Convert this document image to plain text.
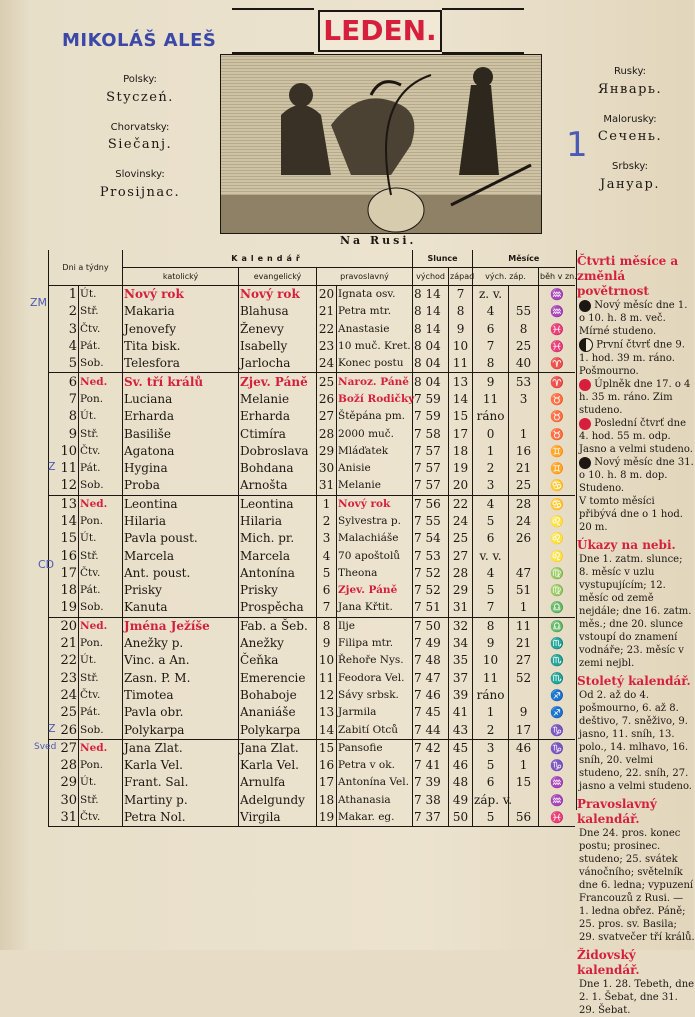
MIKOLÁŠ ALEŠ
Polsky:
Styczeń.
Chorvatsky:
Siečanj.
Slovinsky:
Prosijnac.
Rusky:
Январь.
Malorusky:
Сечень.
Srbsky:
Јануар.
LEDEN.
Na Rusi.
Dni a týdny		Kalendář				Slunce		Měsíce		
		katolický	evangelický	pravoslavný		východ	západ	vých. záp.		běh v zn.
1	Út.	Nový rok	Nový rok	20	Ignata osv.	8 14	7	z. v.		♒
2	Stř.	Makaria	Blahusa	21	Petra mtr.	8 14	8	4	55	♒
3	Čtv.	Jenovefy	Ženevy	22	Anastasie	8 14	9	6	8	♓
4	Pát.	Tita bisk.	Isabelly	23	10 muč. Kret.	8 04	10	7	25	♓
5	Sob.	Telesfora	Jarlocha	24	Konec postu	8 04	11	8	40	♈
6	Ned.	Sv. tří králů	Zjev. Páně	25	Naroz. Páně	8 04	13	9	53	♈
7	Pon.	Luciana	Melanie	26	Boží Rodičky	7 59	14	11	3	♉
8	Út.	Erharda	Erharda	27	Štěpána pm.	7 59	15	ráno		♉
9	Stř.	Basiliše	Ctimíra	28	2000 muč.	7 58	17	0	1	♉
10	Čtv.	Agatona	Dobroslava	29	Mláďatek	7 57	18	1	16	♊
11	Pát.	Hygina	Bohdana	30	Anisie	7 57	19	2	21	♊
12	Sob.	Proba	Arnošta	31	Melanie	7 57	20	3	25	♋
13	Ned.	Leontina	Leontina	1	Nový rok	7 56	22	4	28	♋
14	Pon.	Hilaria	Hilaria	2	Sylvestra p.	7 55	24	5	24	♌
15	Út.	Pavla poust.	Mich. pr.	3	Malachiáše	7 54	25	6	26	♌
16	Stř.	Marcela	Marcela	4	70 apoštolů	7 53	27	v. v.		♌
17	Čtv.	Ant. poust.	Antonína	5	Theona	7 52	28	4	47	♍
18	Pát.	Prisky	Prisky	6	Zjev. Páně	7 52	29	5	51	♍
19	Sob.	Kanuta	Prospěcha	7	Jana Křtit.	7 51	31	7	1	♎
20	Ned.	Jména Ježíše	Fab. a Šeb.	8	Ilje	7 50	32	8	11	♎
21	Pon.	Anežky p.	Anežky	9	Filipa mtr.	7 49	34	9	21	♏
22	Út.	Vinc. a An.	Čeňka	10	Řehoře Nys.	7 48	35	10	27	♏
23	Stř.	Zasn. P. M.	Emerencie	11	Feodora Vel.	7 47	37	11	52	♏
24	Čtv.	Timotea	Bohaboje	12	Sávy srbsk.	7 46	39	ráno		♐
25	Pát.	Pavla obr.	Ananiáše	13	Jarmila	7 45	41	1	9	♐
26	Sob.	Polykarpa	Polykarpa	14	Zabití Otců	7 44	43	2	17	♑
27	Ned.	Jana Zlat.	Jana Zlat.	15	Pansofie	7 42	45	3	46	♑
28	Pon.	Karla Vel.	Karla Vel.	16	Petra v ok.	7 41	46	5	1	♑
29	Út.	Frant. Sal.	Arnulfa	17	Antonína Vel.	7 39	48	6	15	♒
30	Stř.	Martiny p.	Adelgundy	18	Athanasia	7 38	49	záp. v.		♒
31	Čtv.	Petra Nol.	Virgila	19	Makar. eg.	7 37	50	5	56	♓
Čtvrti měsíce a změnlá povětrnost

Nový měsíc dne 1. o 10. h. 8 m. več. Mírné studeno.

První čtvrť dne 9. 1. hod. 39 m. ráno. Pošmourno.

Úplněk dne 17. o 4 h. 35 m. ráno. Zim studeno.

Poslední čtvrť dne 4. hod. 55 m. odp. Jasno a velmi studeno.

Nový měsíc dne 31. o 10. h. 8 m. dop. Studeno.

V tomto měsíci přibývá dne o 1 hod. 20 m.

Úkazy na nebi.

Dne 1. zatm. slunce; 8. měsíc v uzlu vystupujícím; 12. měsíc od země nejdále; dne 16. zatm. měs.; dne 20. slunce vstoupí do znamení vodnáře; 23. měsíc v zemi nejbl.

Stoletý kalendář.

Od 2. až do 4. pošmourno, 6. až 8. deštivo, 7. sněživo, 9. jasno, 11. sníh, 13. polo., 14. mlhavo, 16. sníh, 20. velmi studeno, 22. sníh, 27. jasno a velmi studeno.

Pravoslavný kalendář.

Dne 24. pros. konec postu; prosinec. studeno; 25. svátek vánočního; světelník dne 6. ledna; vypuzení Francouzů z Rusi. — 1. ledna obřez. Páně; 25. pros. sv. Basila; 29. svatvečer tří králů.

Židovský kalendář.

Dne 1. 28. Tebeth, dne 2. 1. Šebat, dne 31. 29. Šebat.

ZM
CD
Z
Z
Sved
1
